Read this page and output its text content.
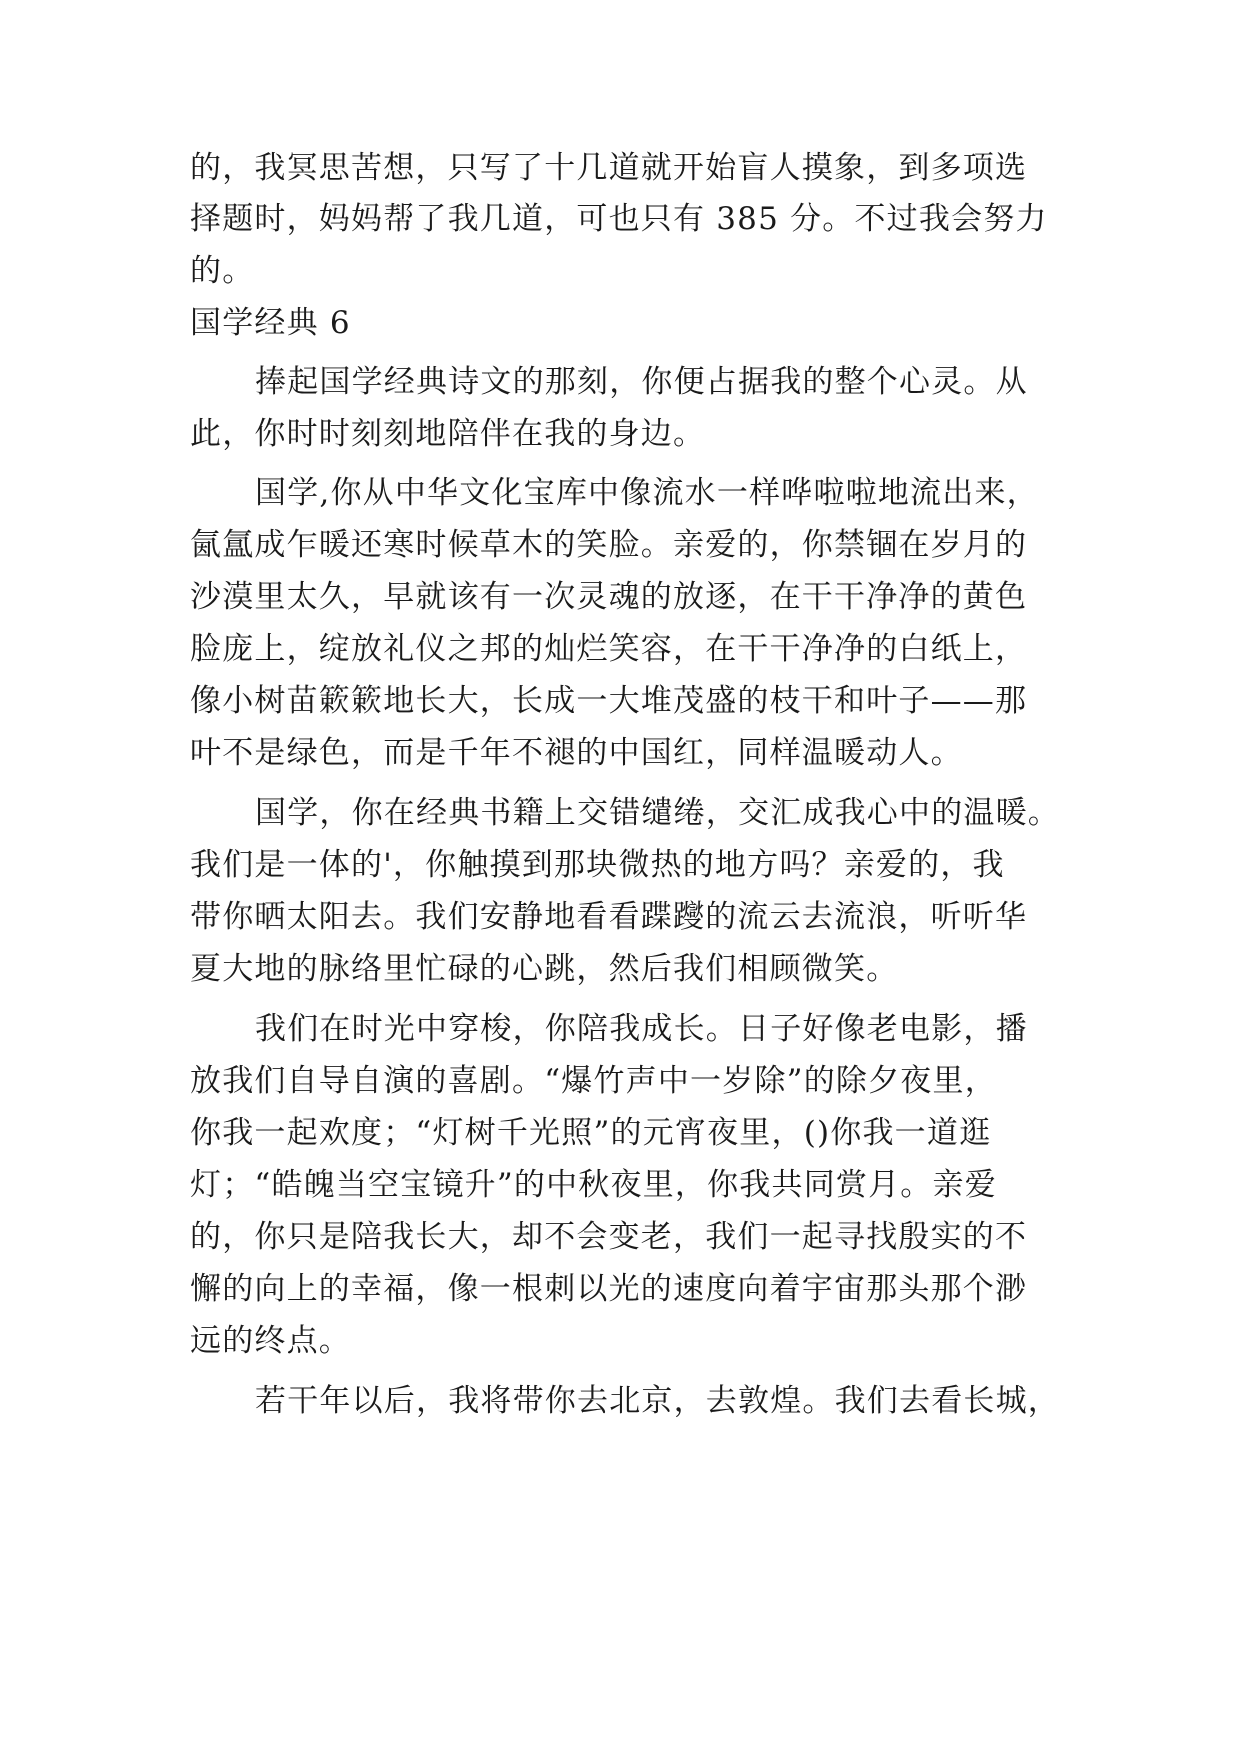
的，我冥思苦想，只写了十几道就开始盲人摸象，到多项选
择题时，妈妈帮了我几道，可也只有 385 分。不过我会努力
的。
国学经典 6
捧起国学经典诗文的那刻，你便占据我的整个心灵。从
此，你时时刻刻地陪伴在我的身边。
国学,你从中华文化宝库中像流水一样哗啦啦地流出来，
氤氲成乍暖还寒时候草木的笑脸。亲爱的，你禁锢在岁月的
沙漠里太久，早就该有一次灵魂的放逐，在干干净净的黄色
脸庞上，绽放礼仪之邦的灿烂笑容，在干干净净的白纸上，
像小树苗簌簌地长大，长成一大堆茂盛的枝干和叶子——那
叶不是绿色，而是千年不褪的中国红，同样温暖动人。
国学，你在经典书籍上交错缱绻，交汇成我心中的温暖。
我们是一体的'，你触摸到那块微热的地方吗？亲爱的，我
带你晒太阳去。我们安静地看看蹀躞的流云去流浪，听听华
夏大地的脉络里忙碌的心跳，然后我们相顾微笑。
我们在时光中穿梭，你陪我成长。日子好像老电影，播
放我们自导自演的喜剧。“爆竹声中一岁除”的除夕夜里，
你我一起欢度；“灯树千光照”的元宵夜里，()你我一道逛
灯；“皓魄当空宝镜升”的中秋夜里，你我共同赏月。亲爱
的，你只是陪我长大，却不会变老，我们一起寻找殷实的不
懈的向上的幸福，像一根刺以光的速度向着宇宙那头那个渺
远的终点。
若干年以后，我将带你去北京，去敦煌。我们去看长城，
